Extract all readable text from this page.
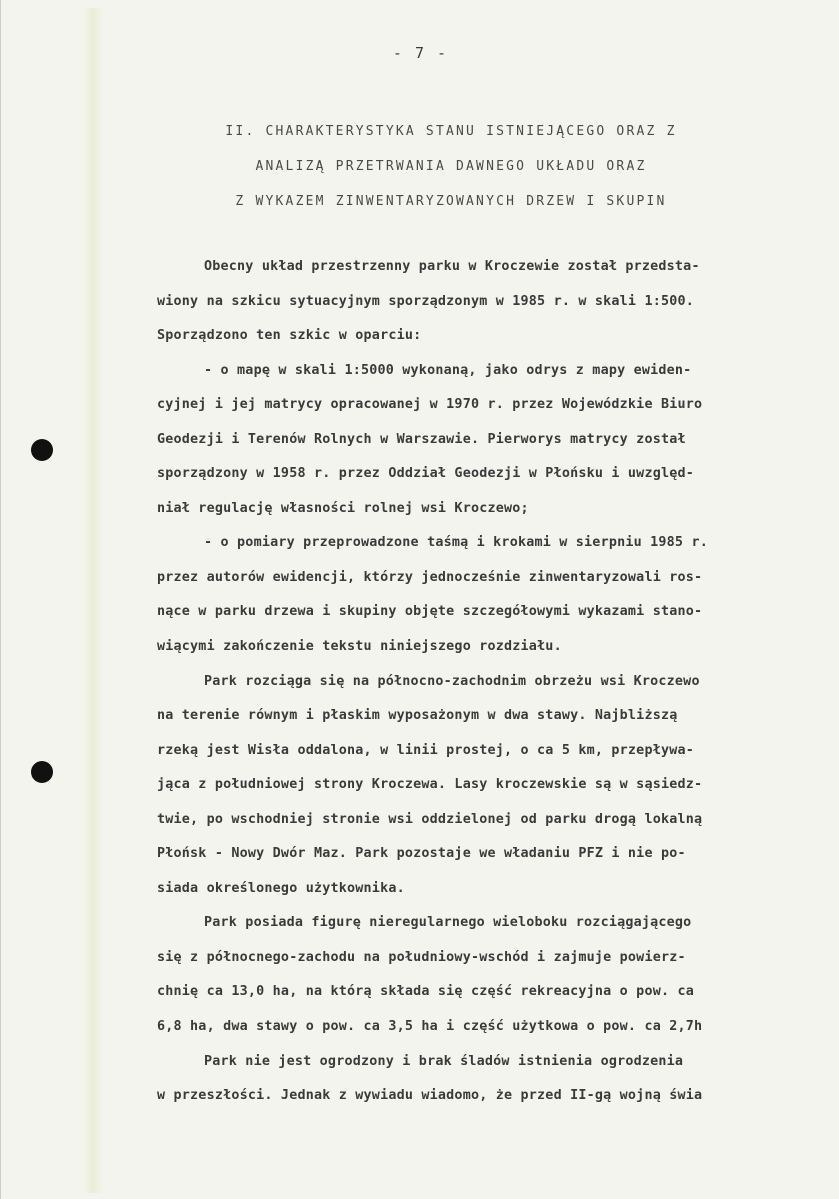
- 7 -
II. CHARAKTERYSTYKA STANU ISTNIEJĄCEGO ORAZ Z
ANALIZĄ PRZETRWANIA DAWNEGO UKŁADU ORAZ
Z WYKAZEM ZINWENTARYZOWANYCH DRZEW I SKUPIN
Obecny układ przestrzenny parku w Kroczewie został przedsta-
wiony na szkicu sytuacyjnym sporządzonym w 1985 r. w skali 1:500.
Sporządzono ten szkic w oparciu:
- o mapę w skali 1:5000 wykonaną, jako odrys z mapy ewiden-
cyjnej i jej matrycy opracowanej w 1970 r. przez Wojewódzkie Biuro
Geodezji i Terenów Rolnych w Warszawie. Pierworys matrycy został
sporządzony w 1958 r. przez Oddział Geodezji w Płońsku i uwzględ-
niał regulację własności rolnej wsi Kroczewo;
- o pomiary przeprowadzone taśmą i krokami w sierpniu 1985 r.
przez autorów ewidencji, którzy jednocześnie zinwentaryzowali ros-
nące w parku drzewa i skupiny objęte szczegółowymi wykazami stano-
wiącymi zakończenie tekstu niniejszego rozdziału.
Park rozciąga się na północno-zachodnim obrzeżu wsi Kroczewo
na terenie równym i płaskim wyposażonym w dwa stawy. Najbliższą
rzeką jest Wisła oddalona, w linii prostej, o ca 5 km, przepływa-
jąca z południowej strony Kroczewa. Lasy kroczewskie są w sąsiedz-
twie, po wschodniej stronie wsi oddzielonej od parku drogą lokalną
Płońsk - Nowy Dwór Maz. Park pozostaje we władaniu PFZ i nie po-
siada określonego użytkownika.
Park posiada figurę nieregularnego wieloboku rozciągającego
się z północnego-zachodu na południowy-wschód i zajmuje powierz-
chnię ca 13,0 ha, na którą składa się część rekreacyjna o pow. ca
6,8 ha, dwa stawy o pow. ca 3,5 ha i część użytkowa o pow. ca 2,7h
Park nie jest ogrodzony i brak śladów istnienia ogrodzenia
w przeszłości. Jednak z wywiadu wiadomo, że przed II-gą wojną świa
